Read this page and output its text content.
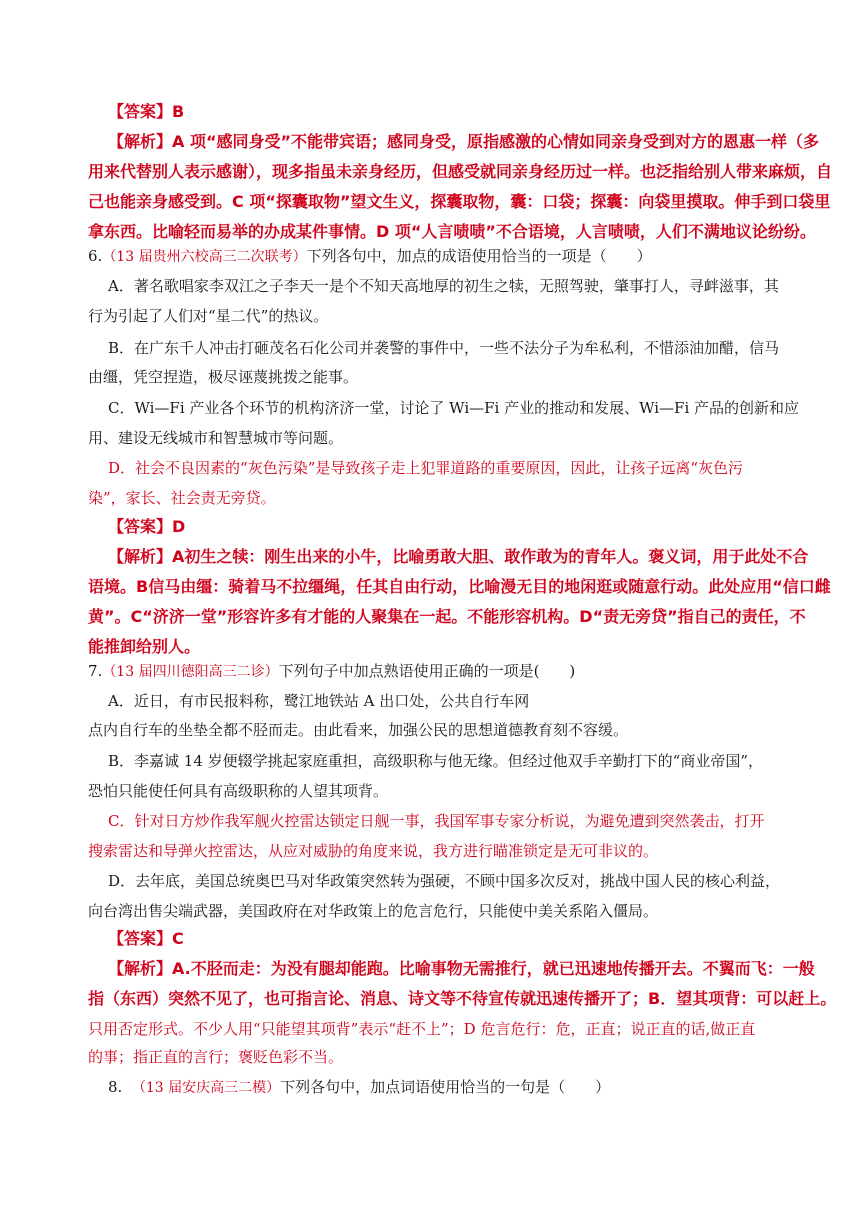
【答案】B
【解析】A 项“感同身受”不能带宾语；感同身受，原指感激的心情如同亲身受到对方的恩惠一样（多
用来代替别人表示感谢），现多指虽未亲身经历，但感受就同亲身经历过一样。也泛指给别人带来麻烦，自
己也能亲身感受到。C 项“探囊取物”望文生义，探囊取物，囊：口袋；探囊：向袋里摸取。伸手到口袋里
拿东西。比喻轻而易举的办成某件事情。D 项“人言啧啧”不合语境，人言啧啧，人们不满地议论纷纷。
6.（13 届贵州六校高三二次联考）下列各句中，加点的成语使用恰当的一项是（　　）
A．著名歌唱家李双江之子李天一是个不知天高地厚的初生之犊，无照驾驶，肇事打人，寻衅滋事，其
行为引起了人们对“星二代”的热议。
B．在广东千人冲击打砸茂名石化公司并袭警的事件中，一些不法分子为牟私利，不惜添油加醋，信马
由缰，凭空捏造，极尽诬蔑挑拨之能事。
C．Wi—Fi 产业各个环节的机构济济一堂，讨论了 Wi—Fi 产业的推动和发展、Wi—Fi 产品的创新和应
用、建设无线城市和智慧城市等问题。
D．社会不良因素的“灰色污染”是导致孩子走上犯罪道路的重要原因，因此，让孩子远离“灰色污
染”，家长、社会责无旁贷。
【答案】D
【解析】A初生之犊：刚生出来的小牛，比喻勇敢大胆、敢作敢为的青年人。褒义词，用于此处不合
语境。B信马由缰：骑着马不拉缰绳，任其自由行动，比喻漫无目的地闲逛或随意行动。此处应用“信口雌
黄”。C“济济一堂”形容许多有才能的人聚集在一起。不能形容机构。D“责无旁贷”指自己的责任，不
能推卸给别人。
7.（13 届四川德阳高三二诊）下列句子中加点熟语使用正确的一项是(　　)
A．近日，有市民报料称，鹭江地铁站 A 出口处，公共自行车网
点内自行车的坐垫全都不胫而走。由此看来，加强公民的思想道德教育刻不容缓。
B．李嘉诚 14 岁便辍学挑起家庭重担，高级职称与他无缘。但经过他双手辛勤打下的“商业帝国”，
恐怕只能使任何具有高级职称的人望其项背。
C．针对日方炒作我军舰火控雷达锁定日舰一事，我国军事专家分析说，为避免遭到突然袭击，打开
搜索雷达和导弹火控雷达，从应对威胁的角度来说，我方进行瞄准锁定是无可非议的。
D．去年底，美国总统奥巴马对华政策突然转为强硬，不顾中国多次反对，挑战中国人民的核心利益，
向台湾出售尖端武器，美国政府在对华政策上的危言危行，只能使中美关系陷入僵局。
【答案】C
【解析】A.不胫而走：为没有腿却能跑。比喻事物无需推行，就已迅速地传播开去。不翼而飞：一般
指（东西）突然不见了，也可指言论、消息、诗文等不待宣传就迅速传播开了；B．望其项背：可以赶上。
只用否定形式。不少人用“只能望其项背”表示“赶不上”；D 危言危行：危，正直；说正直的话,做正直
的事；指正直的言行；褒贬色彩不当。
8. （13 届安庆高三二模）下列各句中，加点词语使用恰当的一句是（　　）
